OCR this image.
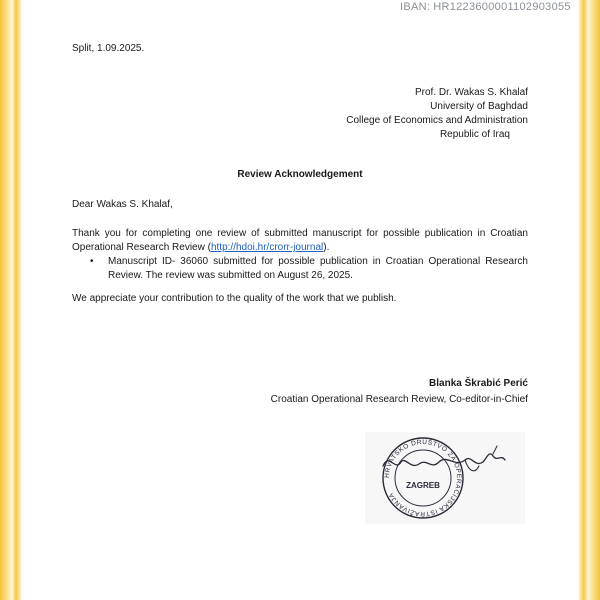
IBAN: HR1223600001102903055
Split, 1.09.2025.
Prof. Dr. Wakas S. Khalaf
University of Baghdad
College of Economics and Administration
Republic of Iraq
Review Acknowledgement
Dear Wakas S. Khalaf,
Thank you for completing one review of submitted manuscript for possible publication in Croatian Operational Research Review (http://hdoi.hr/crorr-journal).
• Manuscript ID- 36060 submitted for possible publication in Croatian Operational Research Review. The review was submitted on August 26, 2025.
We appreciate your contribution to the quality of the work that we publish.
Blanka Škrabić Perić
Croatian Operational Research Review, Co-editor-in-Chief
HRVATSKO DRUŠTVO ZA OPERACIJSKA ISTRAŽIVANJA
ZAGREB
